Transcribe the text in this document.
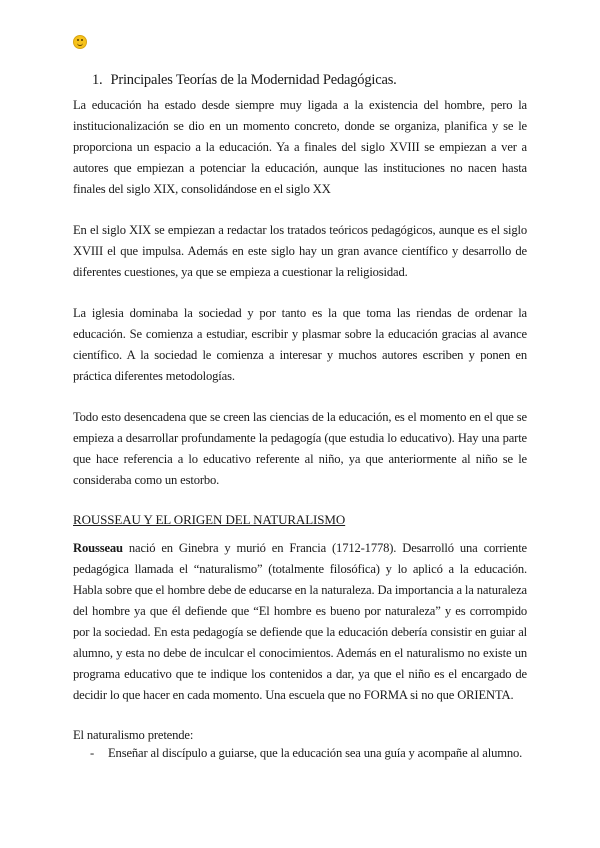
1. Principales Teorías de la Modernidad Pedagógicas.

La educación ha estado desde siempre muy ligada a la existencia del hombre, pero la institucionalización se dio en un momento concreto, donde se organiza, planifica y se le proporciona un espacio a la educación. Ya a finales del siglo XVIII se empiezan a ver a autores que empiezan a potenciar la educación, aunque las instituciones no nacen hasta finales del siglo XIX, consolidándose en el siglo XX

En el siglo XIX se empiezan a redactar los tratados teóricos pedagógicos, aunque es el siglo XVIII el que impulsa. Además en este siglo hay un gran avance científico y desarrollo de diferentes cuestiones, ya que se empieza a cuestionar la religiosidad.

La iglesia dominaba la sociedad y por tanto es la que toma las riendas de ordenar la educación. Se comienza a estudiar, escribir y plasmar sobre la educación gracias al avance científico. A la sociedad le comienza a interesar y muchos autores escriben y ponen en práctica diferentes metodologías.

Todo esto desencadena que se creen las ciencias de la educación, es el momento en el que se empieza a desarrollar profundamente la pedagogía (que estudia lo educativo). Hay una parte que hace referencia a lo educativo referente al niño, ya que anteriormente al niño se le consideraba como un estorbo.

ROUSSEAU Y EL ORIGEN DEL NATURALISMO

Rousseau nació en Ginebra y murió en Francia (1712-1778). Desarrolló una corriente pedagógica llamada el “naturalismo” (totalmente filosófica) y lo aplicó a la educación. Habla sobre que el hombre debe de educarse en la naturaleza. Da importancia a la naturaleza del hombre ya que él defiende que “El hombre es bueno por naturaleza” y es corrompido por la sociedad. En esta pedagogía se defiende que la educación debería consistir en guiar al alumno, y esta no debe de inculcar el conocimientos. Además en el naturalismo no existe un programa educativo que te indique los contenidos a dar, ya que el niño es el encargado de decidir lo que hacer en cada momento. Una escuela que no FORMA si no que ORIENTA.

El naturalismo pretende:

- Enseñar al discípulo a guiarse, que la educación sea una guía y acompañe al alumno.
